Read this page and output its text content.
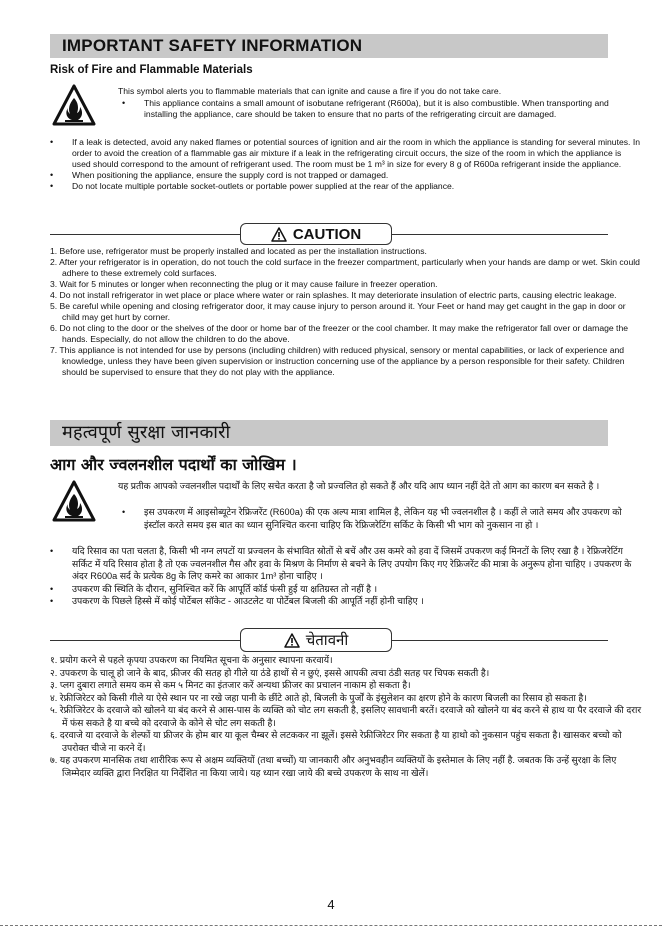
IMPORTANT SAFETY INFORMATION
Risk of Fire and Flammable Materials
This symbol alerts you to flammable materials that can ignite and cause a fire if you do not take care.
• This appliance contains a small amount of isobutane refrigerant (R600a), but it is also combustible. When transporting and installing the appliance, care should be taken to ensure that no parts of the refrigerating circuit are damaged.
• If a leak is detected, avoid any naked flames or potential sources of ignition and air the room in which the appliance is standing for several minutes. In order to avoid the creation of a flammable gas air mixture if a leak in the refrigerating circuit occurs, the size of the room in which the appliance is used should correspond to the amount of refrigerant used. The room must be 1 m³ in size for every 8 g of R600a refrigerant inside the appliance.
• When positioning the appliance, ensure the supply cord is not trapped or damaged.
• Do not locate multiple portable socket-outlets or portable power supplied at the rear of the appliance.
CAUTION
1. Before use, refrigerator must be properly installed and located as per the installation instructions.
2. After your refrigerator is in operation, do not touch the cold surface in the freezer compartment, particularly when your hands are damp or wet. Skin could adhere to these extremely cold surfaces.
3. Wait for 5 minutes or longer when reconnecting the plug or it may cause failure in freezer operation.
4. Do not install refrigerator in wet place or place where water or rain splashes. It may deteriorate insulation of electric parts, causing electric leakage.
5. Be careful while opening and closing refrigerator door, it may cause injury to person around it. Your Feet or hand may get caught in the gap in door or child may get hurt by corner.
6. Do not cling to the door or the shelves of the door or home bar of the freezer or the cool chamber. It may make the refrigerator fall over or damage the hands. Especially, do not allow the children to do the above.
7. This appliance is not intended for use by persons (including children) with reduced physical, sensory or mental capabilities, or lack of experience and knowledge, unless they have been given supervision or instruction concerning use of the appliance by a person responsible for their safety. Children should be supervised to ensure that they do not play with the appliance.
महत्वपूर्ण सुरक्षा जानकारी
आग और ज्वलनशील पदार्थों का जोखिम ।
यह प्रतीक आपको ज्वलनशील पदार्थों के लिए सचेत करता है जो प्रज्वलित हो सकते हैं और यदि आप ध्यान नहीं देते तो आग का कारण बन सकते है ।
• इस उपकरण में आइसोब्यूटेन रेफ्रिजरेंट (R600a) की एक अल्प मात्रा शामिल है, लेकिन यह भी ज्वलनशील है । कहीं ले जाते समय और उपकरण को इंस्टॉल करते समय इस बात का ध्यान सुनिश्चित करना चाहिए कि रेफ्रिजरेटिंग सर्किट के किसी भी भाग को नुकसान ना हो ।
• यदि रिसाव का पता चलता है, किसी भी नग्न लपटों या प्रज्वलन के संभावित स्रोतों से बचें और उस कमरे को हवा दें जिसमें उपकरण कई मिनटों के लिए रखा है । रेफ्रिजरेटिंग सर्किट में यदि रिसाव होता है तो एक ज्वलनशील गैस और हवा के मिश्रण के निर्माण से बचने के लिए उपयोग किए गए रेफ्रिजरेंट की मात्रा के अनुरूप होना चाहिए । उपकरण के अंदर R600a सर्द के प्रत्येक 8g के लिए कमरे का आकार 1m³ होना चाहिए ।
• उपकरण की स्थिति के दौरान, सुनिश्चित करें कि आपूर्ति कॉर्ड फंसी हुई या क्षतिग्रस्त तो नहीं है ।
• उपकरण के पिछले हिस्से में कोई पोर्टेबल सॉकेट - आउटलेट या पोर्टेबल बिजली की आपूर्ति नहीं होनी चाहिए ।
चेतावनी
१. प्रयोग करने से पहले कृपया उपकरण का नियमित सूचना के अनुसार स्थापना करवायें।
२. उपकरण के चालू हो जाने के बाद, फ्रीजर की सतह हो गीले या ठंडे हाथों से न छुएं, इससे आपकी त्वचा ठंडी सतह पर चिपक सकती है।
३. प्लग दुबारा लगाते समय कम से कम ५ मिनट का इंतजार करें अन्यथा फ्रीजर का प्रचालन नाकाम हो सकता है।
४. रेफ्रीजिरेटर को किसी गीले या ऐसे स्थान पर ना रखे जहा पानी के छींटे आते हो, बिजली के पुर्जों के इंसुलेशन का क्षरण होने के कारण बिजली का रिसाव हो सकता है।
५. रेफ्रीजिरेटर के दरवाजे को खोलने या बंद करने से आस-पास के व्यक्ति को चोट लग सकती है, इसलिए सावधानी बरतें। दरवाजे को खोलने या बंद करने से हाथ या पैर दरवाजे की दरार में फंस सकते है या बच्चे को दरवाजे के कोने से चोट लग सकती है।
६. दरवाजे या दरवाजे के शेल्फों या फ्रीजर के होम बार या कूल चैम्बर से लटककर ना झूलें। इससे रेफ्रीजिरेटर गिर सकता है या हाथो को नुकसान पहुंच सकता है। खासकर बच्चो को उपरोक्त चीजे ना करने दें।
७. यह उपकरण मानसिक तथा शारीरिक रूप से अक्षम व्यक्तियों (तथा बच्चों) या जानकारी और अनुभवहीन व्यक्तियों के इस्तेमाल के लिए नहीं है. जबतक कि उन्हें सुरक्षा के लिए जिम्मेदार व्यक्ति द्वारा निरक्षित या निर्देशित ना किया जाये। यह ध्यान रखा जाये की बच्चे उपकरण के साथ ना खेलें।
4
